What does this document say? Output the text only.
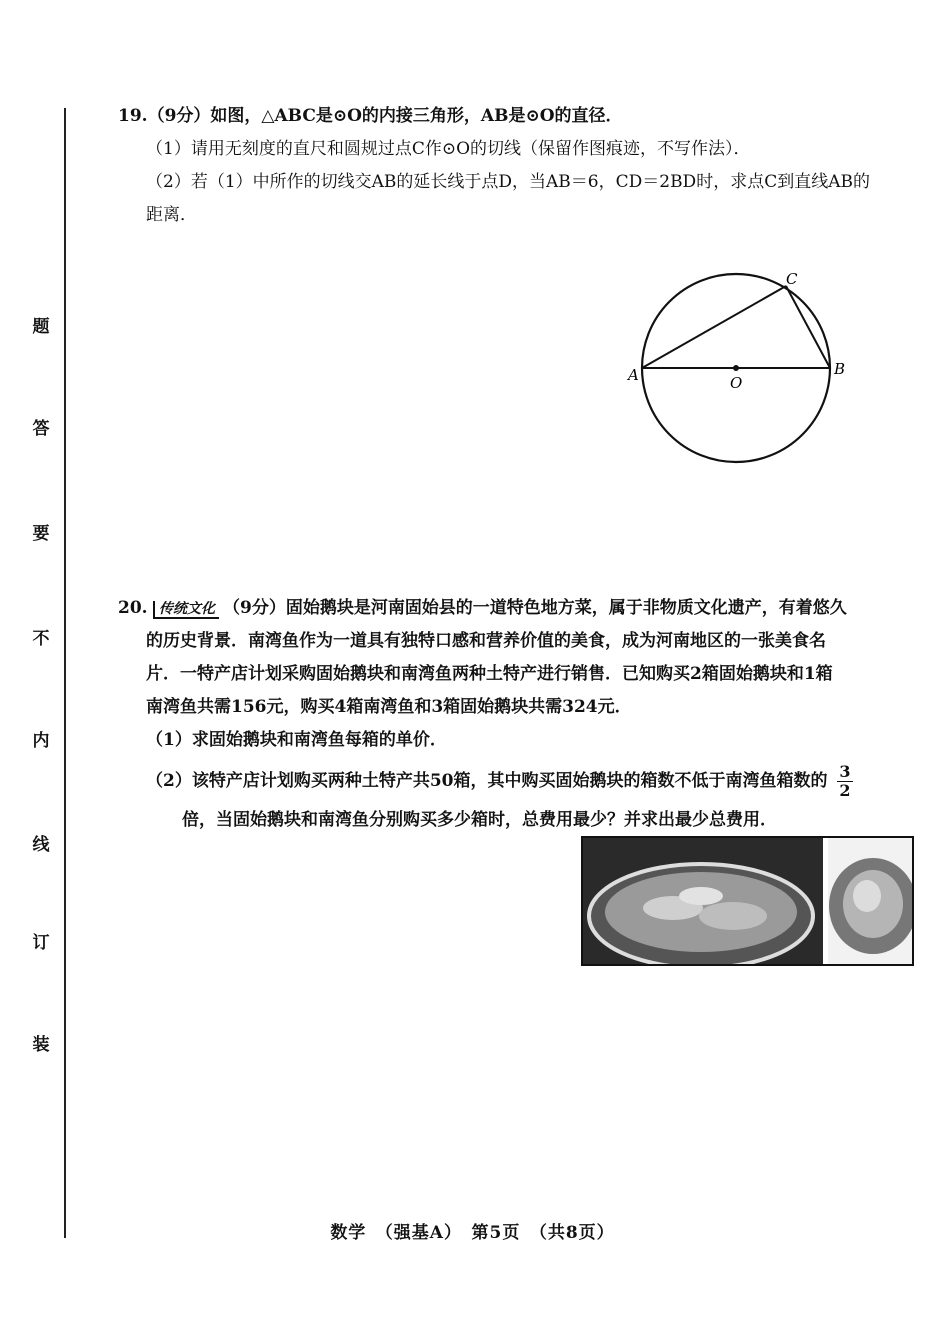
题
答
要
不
内
线
订
装
19.（9分）如图，△ABC是⊙O的内接三角形，AB是⊙O的直径．
（1）请用无刻度的直尺和圆规过点C作⊙O的切线（保留作图痕迹，不写作法）．
（2）若（1）中所作的切线交AB的延长线于点D，当AB＝6，CD＝2BD时，求点C到直线AB的
距离．
A	B
C
O
20. 传统文化 （9分）固始鹅块是河南固始县的一道特色地方菜，属于非物质文化遗产，有着悠久
的历史背景．南湾鱼作为一道具有独特口感和营养价值的美食，成为河南地区的一张美食名
片．一特产店计划采购固始鹅块和南湾鱼两种土特产进行销售．已知购买2箱固始鹅块和1箱
南湾鱼共需156元，购买4箱南湾鱼和3箱固始鹅块共需324元．
（1）求固始鹅块和南湾鱼每箱的单价．
（2）该特产店计划购买两种土特产共50箱，其中购买固始鹅块的箱数不低于南湾鱼箱数的 $\frac{3}{2}$
倍，当固始鹅块和南湾鱼分别购买多少箱时，总费用最少？并求出最少总费用．
数学　（强基A）　第5页　（共8页）
